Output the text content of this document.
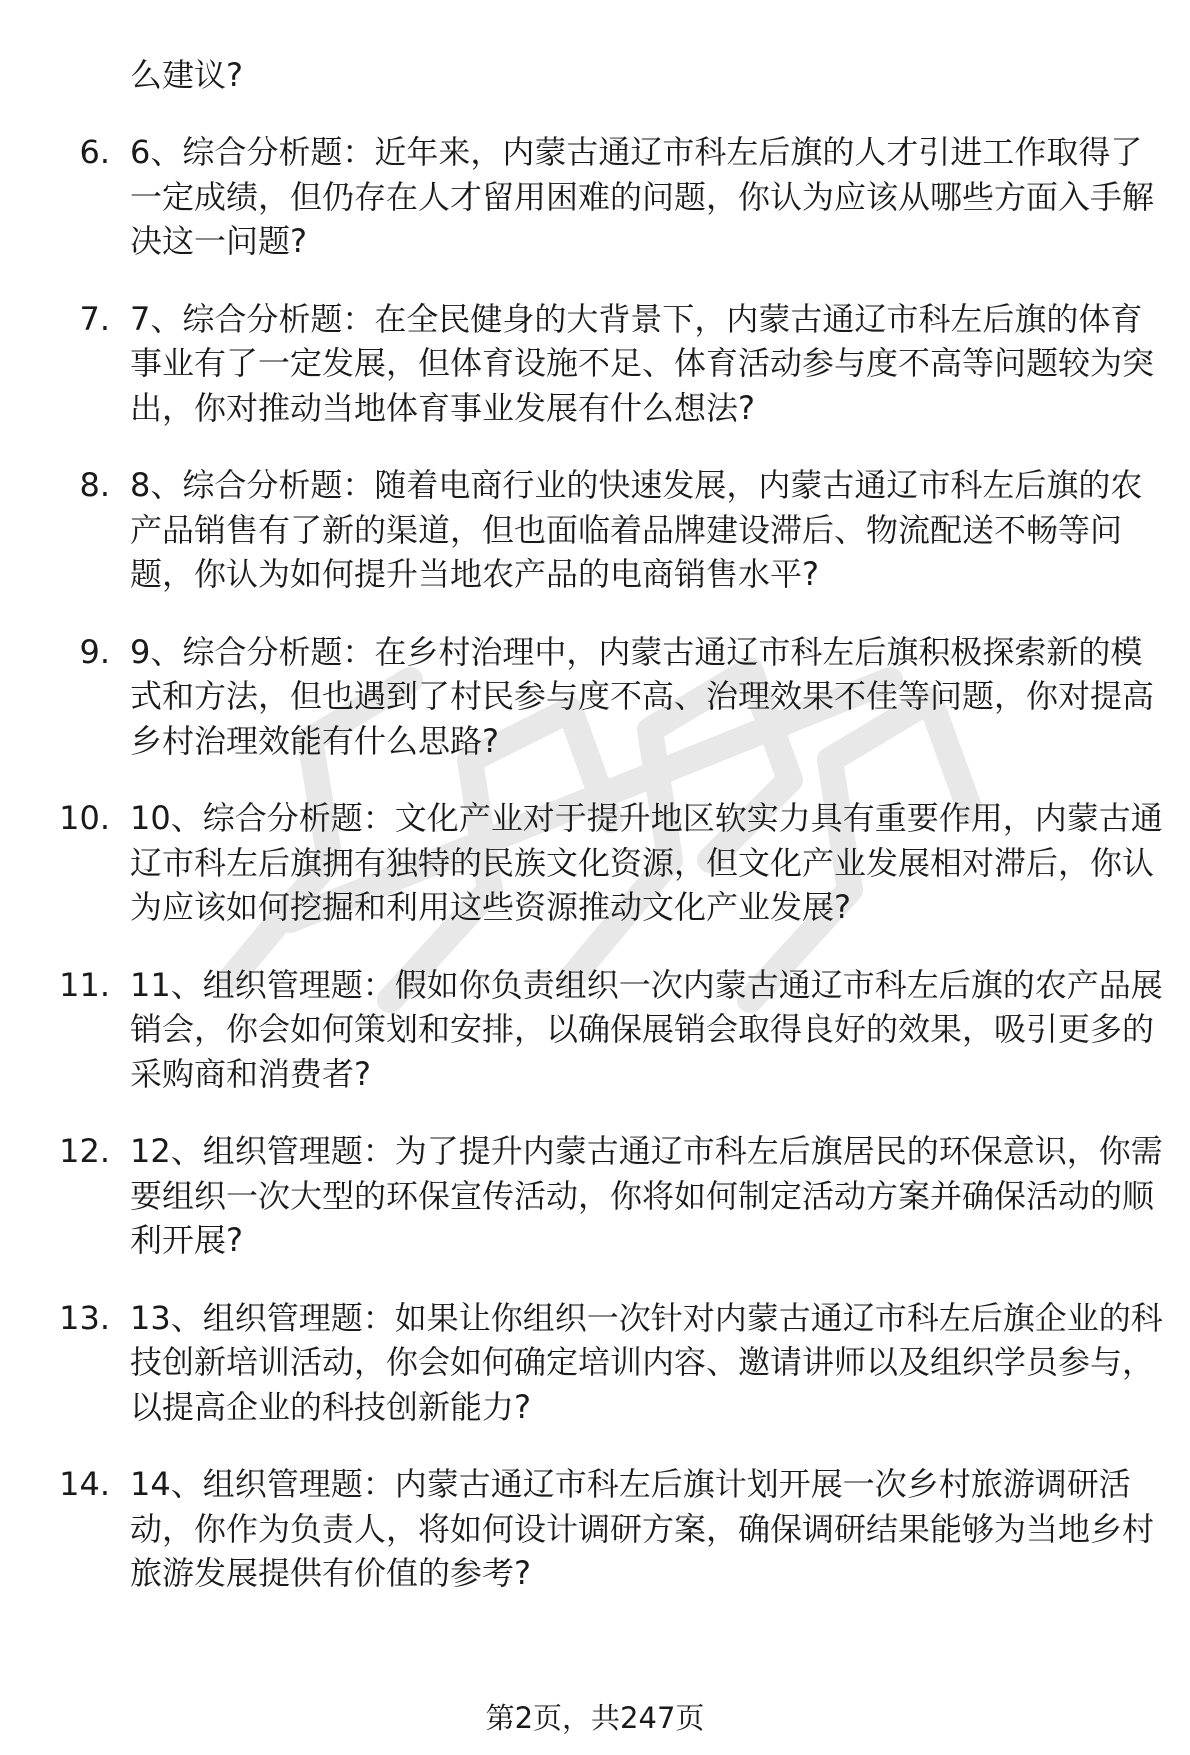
么建议?
6. 6、综合分析题：近年来，内蒙古通辽市科左后旗的人才引进工作取得了一定成绩，但仍存在人才留用困难的问题，你认为应该从哪些方面入手解决这一问题?
7. 7、综合分析题：在全民健身的大背景下，内蒙古通辽市科左后旗的体育事业有了一定发展，但体育设施不足、体育活动参与度不高等问题较为突出，你对推动当地体育事业发展有什么想法?
8. 8、综合分析题：随着电商行业的快速发展，内蒙古通辽市科左后旗的农产品销售有了新的渠道，但也面临着品牌建设滞后、物流配送不畅等问题，你认为如何提升当地农产品的电商销售水平?
9. 9、综合分析题：在乡村治理中，内蒙古通辽市科左后旗积极探索新的模式和方法，但也遇到了村民参与度不高、治理效果不佳等问题，你对提高乡村治理效能有什么思路?
10. 10、综合分析题：文化产业对于提升地区软实力具有重要作用，内蒙古通辽市科左后旗拥有独特的民族文化资源，但文化产业发展相对滞后，你认为应该如何挖掘和利用这些资源推动文化产业发展?
11. 11、组织管理题：假如你负责组织一次内蒙古通辽市科左后旗的农产品展销会，你会如何策划和安排，以确保展销会取得良好的效果，吸引更多的采购商和消费者?
12. 12、组织管理题：为了提升内蒙古通辽市科左后旗居民的环保意识，你需要组织一次大型的环保宣传活动，你将如何制定活动方案并确保活动的顺利开展?
13. 13、组织管理题：如果让你组织一次针对内蒙古通辽市科左后旗企业的科技创新培训活动，你会如何确定培训内容、邀请讲师以及组织学员参与，以提高企业的科技创新能力?
14. 14、组织管理题：内蒙古通辽市科左后旗计划开展一次乡村旅游调研活动，你作为负责人，将如何设计调研方案，确保调研结果能够为当地乡村旅游发展提供有价值的参考?
第2页，共247页
